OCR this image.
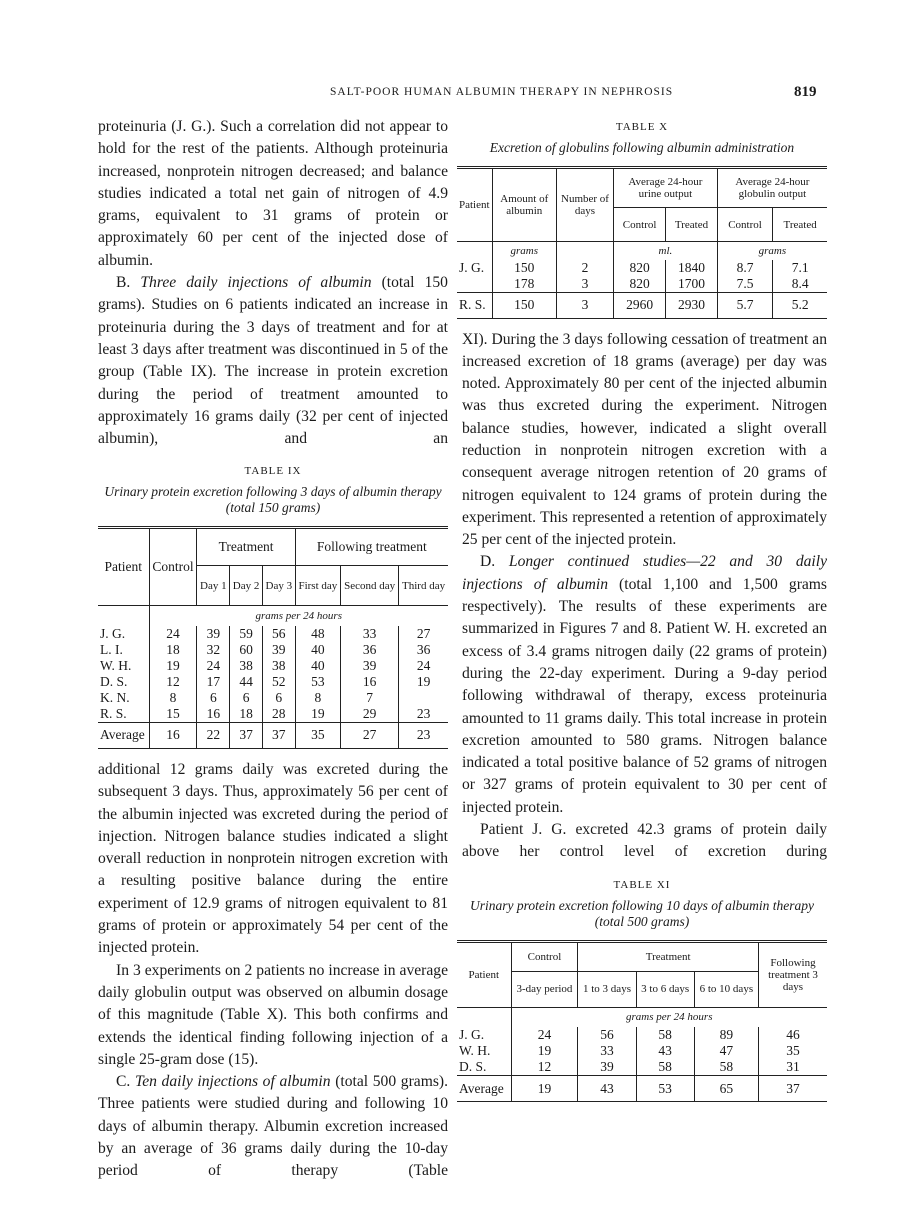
SALT-POOR HUMAN ALBUMIN THERAPY IN NEPHROSIS	819

proteinuria (J. G.). Such a correlation did not appear to hold for the rest of the patients. Although proteinuria increased, nonprotein nitrogen decreased; and balance studies indicated a total net gain of nitrogen of 4.9 grams, equivalent to 31 grams of protein or approximately 60 per cent of the injected dose of albumin.

B. Three daily injections of albumin (total 150 grams). Studies on 6 patients indicated an increase in proteinuria during the 3 days of treatment and for at least 3 days after treatment was discontinued in 5 of the group (Table IX). The increase in protein excretion during the period of treatment amounted to approximately 16 grams daily (32 per cent of injected albumin), and an

TABLE IX
Urinary protein excretion following 3 days of albumin therapy (total 150 grams)
Patient	Control	Treatment			Following treatment		
		Day 1	Day 2	Day 3	First day	Second day	Third day
	grams per 24 hours						
J. G.	24	39	59	56	48	33	27
L. I.	18	32	60	39	40	36	36
W. H.	19	24	38	38	40	39	24
D. S.	12	17	44	52	53	16	19
K. N.	8	6	6	6	8	7	
R. S.	15	16	18	28	19	29	23
Average	16	22	37	37	35	27	23

additional 12 grams daily was excreted during the subsequent 3 days. Thus, approximately 56 per cent of the albumin injected was excreted during the period of injection. Nitrogen balance studies indicated a slight overall reduction in nonprotein nitrogen excretion with a resulting positive balance during the entire experiment of 12.9 grams of nitrogen equivalent to 81 grams of protein or approximately 54 per cent of the injected protein.

In 3 experiments on 2 patients no increase in average daily globulin output was observed on albumin dosage of this magnitude (Table X). This both confirms and extends the identical finding following injection of a single 25-gram dose (15).

C. Ten daily injections of albumin (total 500 grams). Three patients were studied during and following 10 days of albumin therapy. Albumin excretion increased by an average of 36 grams daily during the 10-day period of therapy (Table

TABLE X
Excretion of globulins following albumin administration
Patient	Amount of albumin	Number of days	Average 24-hour urine output		Average 24-hour globulin output	
			Control	Treated	Control	Treated
	grams		ml.		grams	
J. G.	150	2	820	1840	8.7	7.1
	178	3	820	1700	7.5	8.4
R. S.	150	3	2960	2930	5.7	5.2

XI). During the 3 days following cessation of treatment an increased excretion of 18 grams (average) per day was noted. Approximately 80 per cent of the injected albumin was thus excreted during the experiment. Nitrogen balance studies, however, indicated a slight overall reduction in nonprotein nitrogen excretion with a consequent average nitrogen retention of 20 grams of nitrogen equivalent to 124 grams of protein during the experiment. This represented a retention of approximately 25 per cent of the injected protein.

D. Longer continued studies—22 and 30 daily injections of albumin (total 1,100 and 1,500 grams respectively). The results of these experiments are summarized in Figures 7 and 8. Patient W. H. excreted an excess of 3.4 grams nitrogen daily (22 grams of protein) during the 22-day experiment. During a 9-day period following withdrawal of therapy, excess proteinuria amounted to 11 grams daily. This total increase in protein excretion amounted to 580 grams. Nitrogen balance indicated a total positive balance of 52 grams of nitrogen or 327 grams of protein equivalent to 30 per cent of injected protein.

Patient J. G. excreted 42.3 grams of protein daily above her control level of excretion during

TABLE XI
Urinary protein excretion following 10 days of albumin therapy (total 500 grams)
Patient	Control	Treatment			Following treatment 3 days
	3-day period	1 to 3 days	3 to 6 days	6 to 10 days	
	grams per 24 hours				
J. G.	24	56	58	89	46
W. H.	19	33	43	47	35
D. S.	12	39	58	58	31
Average	19	43	53	65	37
